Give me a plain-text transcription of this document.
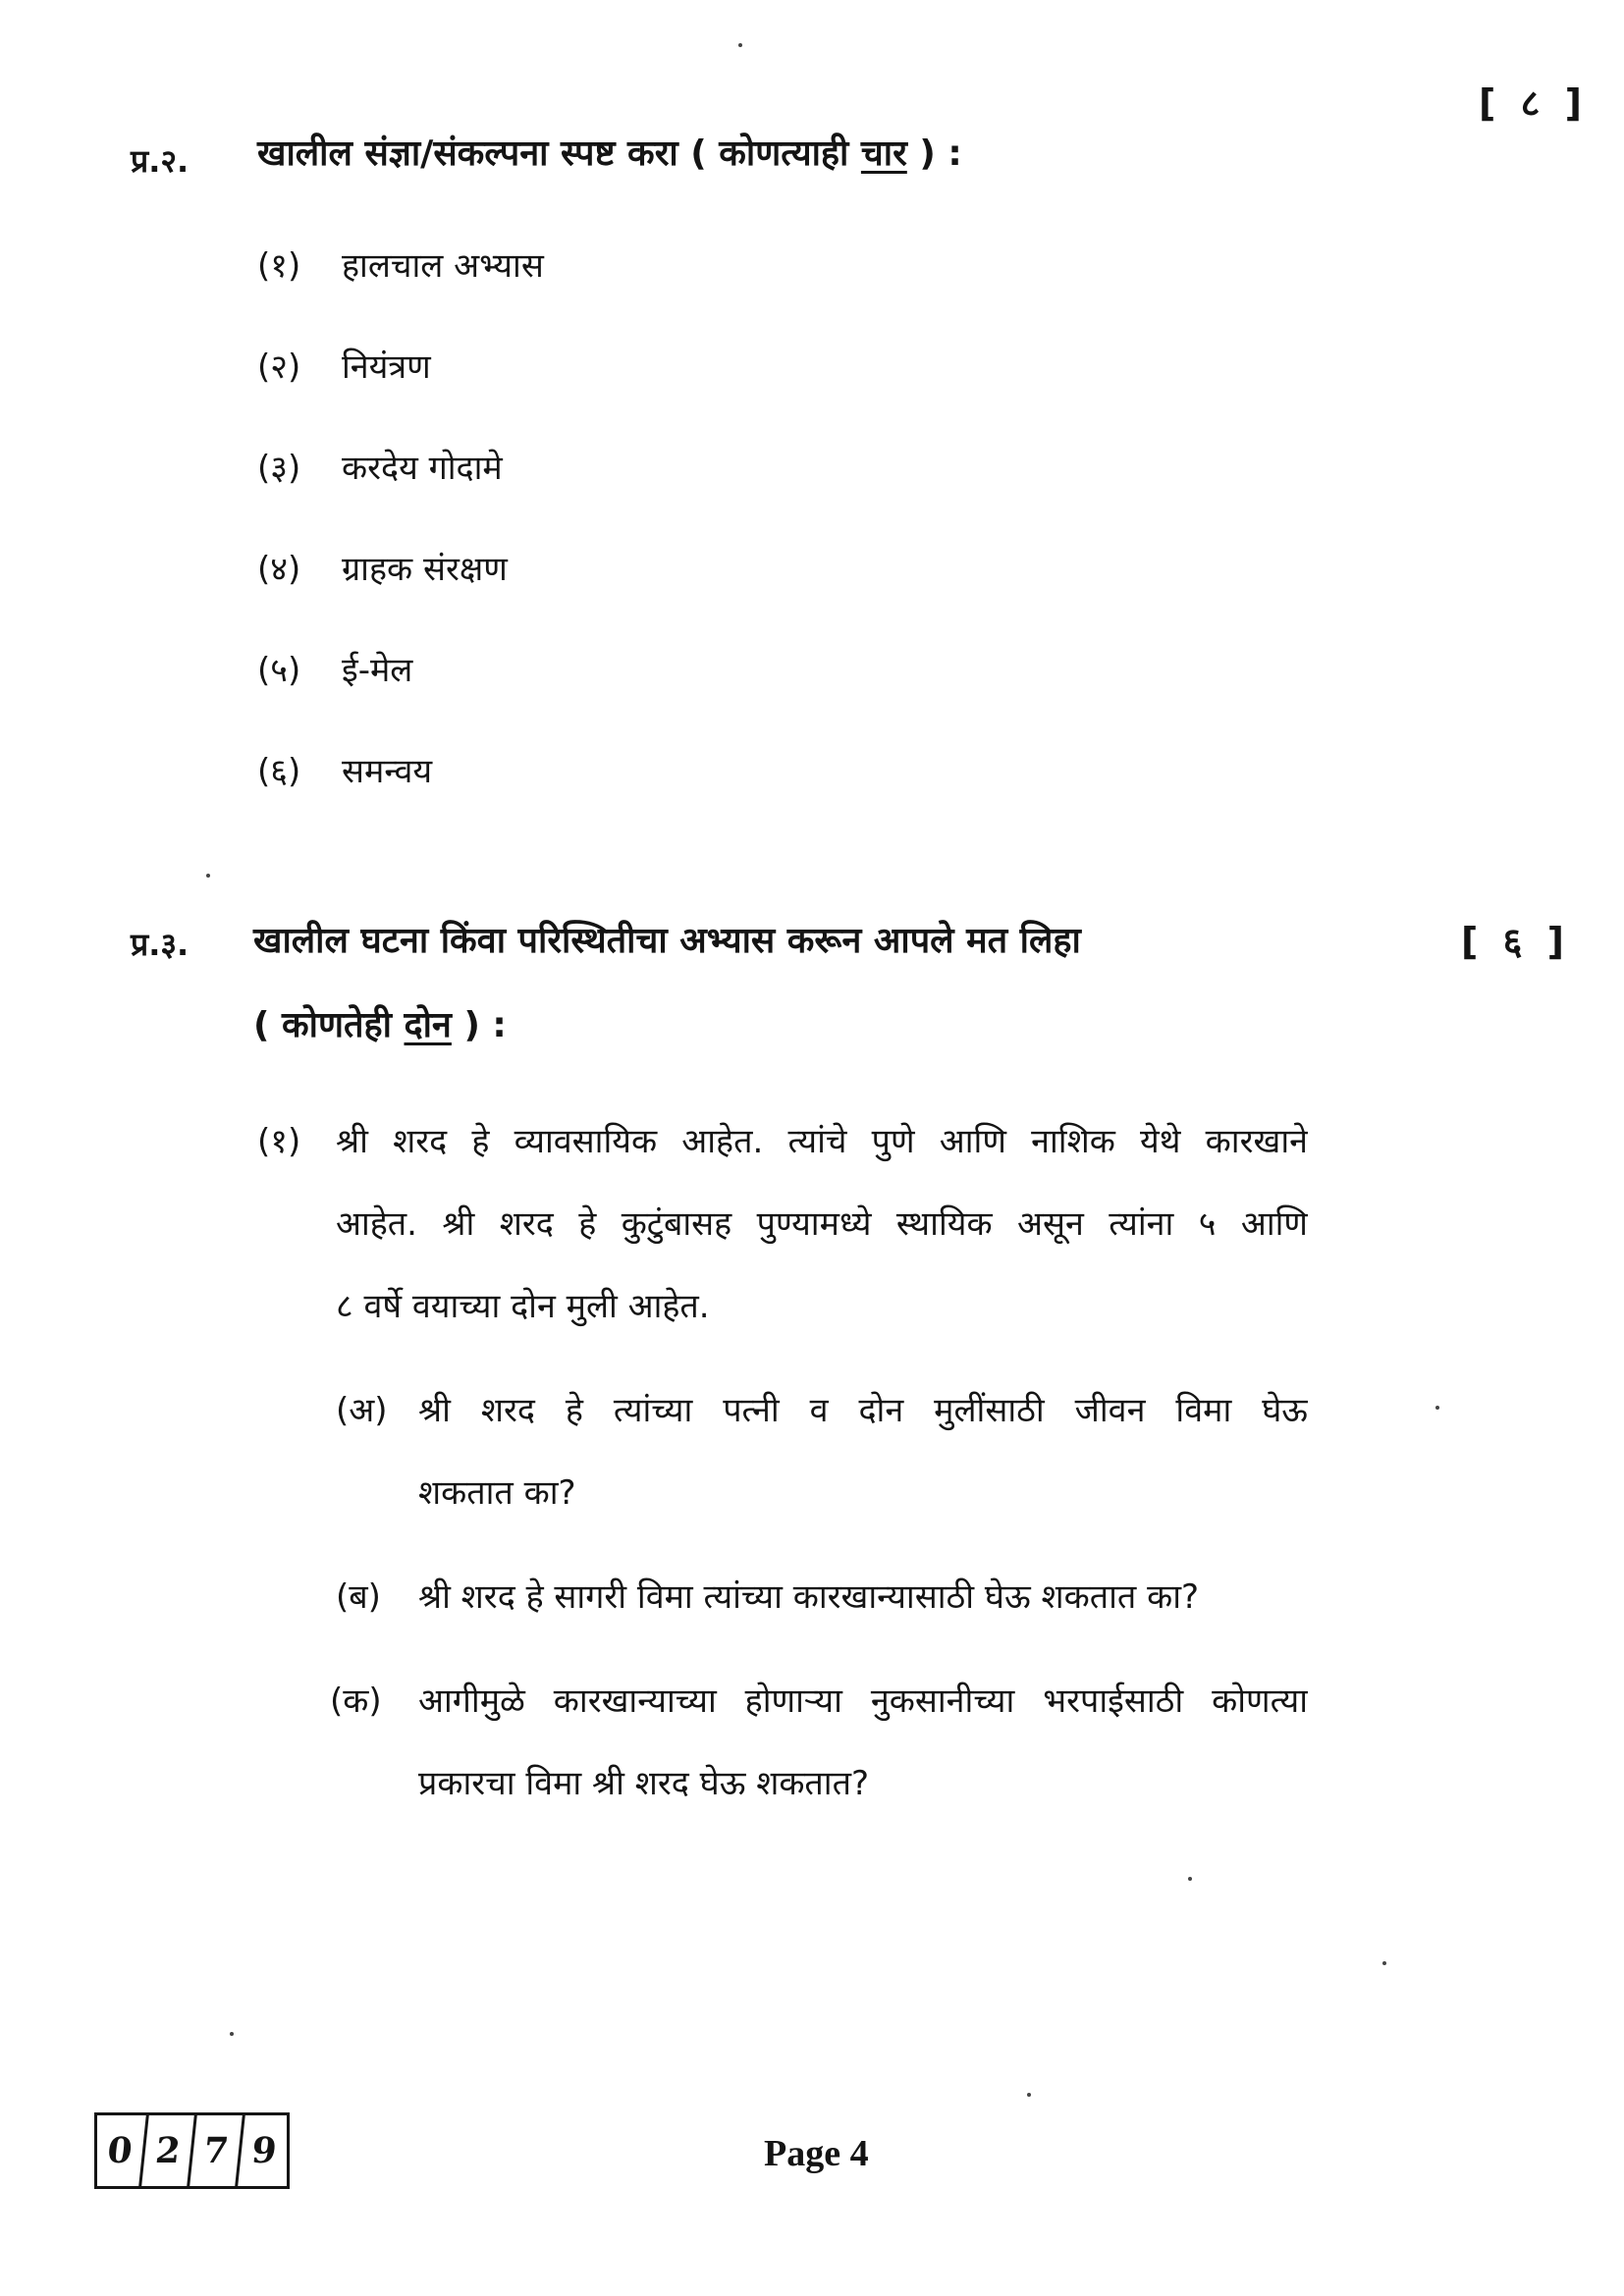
प्र.२. खालील संज्ञा/संकल्पना स्पष्ट करा ( कोणत्याही चार ) :
[ ८ ]
(१) हालचाल अभ्यास
(२) नियंत्रण
(३) करदेय गोदामे
(४) ग्राहक संरक्षण
(५) ई-मेल
(६) समन्वय
प्र.३. खालील घटना किंवा परिस्थितीचा अभ्यास करून आपले मत लिहा	[ ६ ]
( कोणतेही दोन ) :
(१) श्री शरद हे व्यावसायिक आहेत. त्यांचे पुणे आणि नाशिक येथे कारखाने
आहेत. श्री शरद हे कुटुंबासह पुण्यामध्ये स्थायिक असून त्यांना ५ आणि
८ वर्षे वयाच्या दोन मुली आहेत.
(अ) श्री शरद हे त्यांच्या पत्नी व दोन मुलींसाठी जीवन विमा घेऊ
शकतात का?
(ब) श्री शरद हे सागरी विमा त्यांच्या कारखान्यासाठी घेऊ शकतात का?
(क) आगीमुळे कारखान्याच्या होणाऱ्या नुकसानीच्या भरपाईसाठी कोणत्या
प्रकारचा विमा श्री शरद घेऊ शकतात?
0 2 7 9	Page 4
